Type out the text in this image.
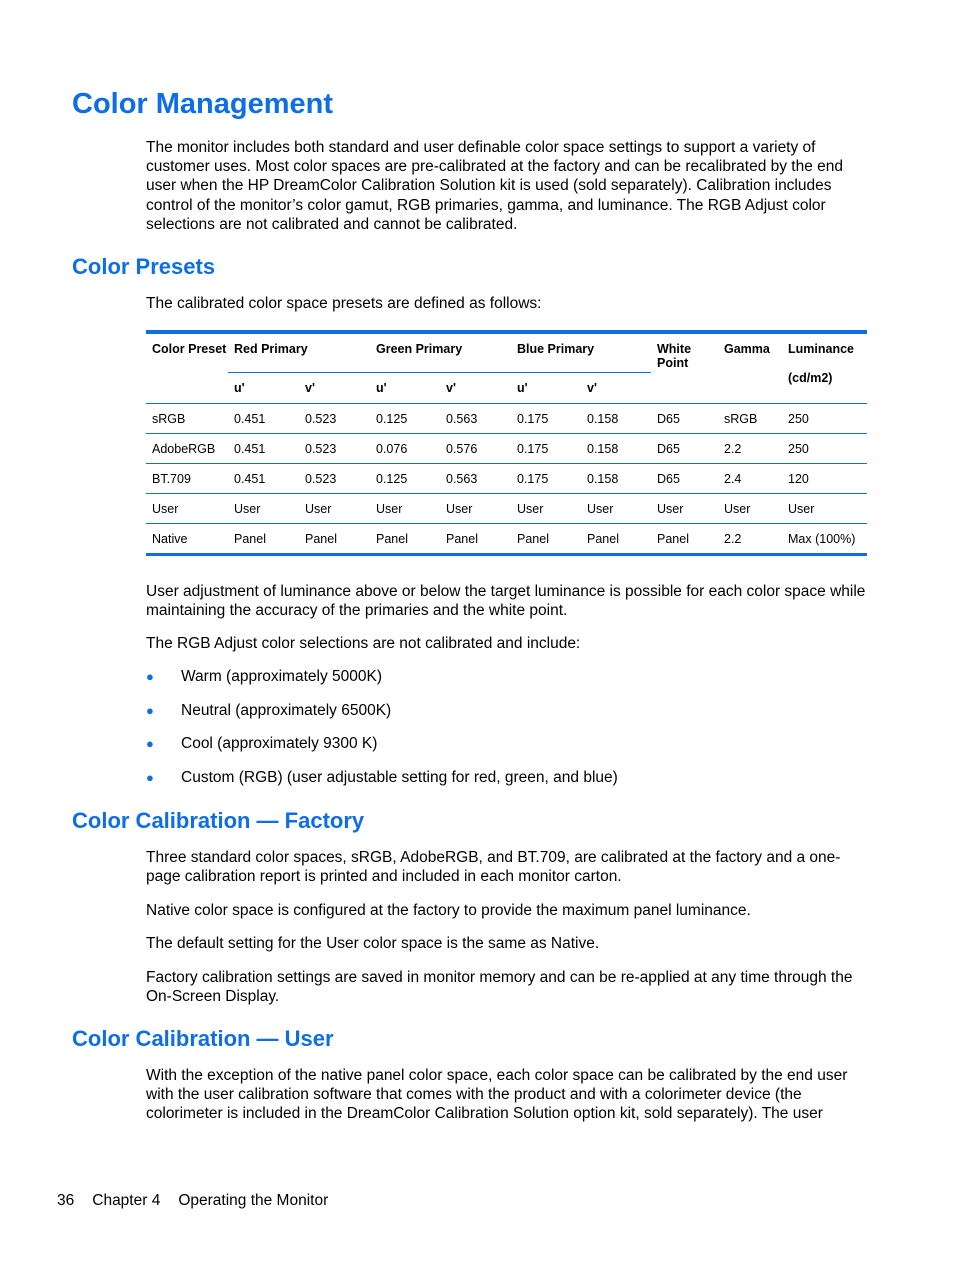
Color Management

The monitor includes both standard and user definable color space settings to support a variety of customer uses. Most color spaces are pre-calibrated at the factory and can be recalibrated by the end user when the HP DreamColor Calibration Solution kit is used (sold separately). Calibration includes control of the monitor’s color gamut, RGB primaries, gamma, and luminance. The RGB Adjust color selections are not calibrated and cannot be calibrated.

Color Presets

The calibrated color space presets are defined as follows:

Color Preset	Red Primary		Green Primary		Blue Primary		White Point	Gamma	Luminance
(cd/m2)

	u'	v'	u'	v'	u'	v'			
sRGB	0.451	0.523	0.125	0.563	0.175	0.158	D65	sRGB	250
AdobeRGB	0.451	0.523	0.076	0.576	0.175	0.158	D65	2.2	250
BT.709	0.451	0.523	0.125	0.563	0.175	0.158	D65	2.4	120
User	User	User	User	User	User	User	User	User	User
Native	Panel	Panel	Panel	Panel	Panel	Panel	Panel	2.2	Max (100%)

User adjustment of luminance above or below the target luminance is possible for each color space while maintaining the accuracy of the primaries and the white point.

The RGB Adjust color selections are not calibrated and include:

● Warm (approximately 5000K)
● Neutral (approximately 6500K)
● Cool (approximately 9300 K)
● Custom (RGB) (user adjustable setting for red, green, and blue)
Color Calibration — Factory

Three standard color spaces, sRGB, AdobeRGB, and BT.709, are calibrated at the factory and a one-page calibration report is printed and included in each monitor carton.

Native color space is configured at the factory to provide the maximum panel luminance.

The default setting for the User color space is the same as Native.

Factory calibration settings are saved in monitor memory and can be re-applied at any time through the On-Screen Display.

Color Calibration — User

With the exception of the native panel color space, each color space can be calibrated by the end user with the user calibration software that comes with the product and with a colorimeter device (the colorimeter is included in the DreamColor Calibration Solution option kit, sold separately). The user

36 Chapter 4 Operating the Monitor
